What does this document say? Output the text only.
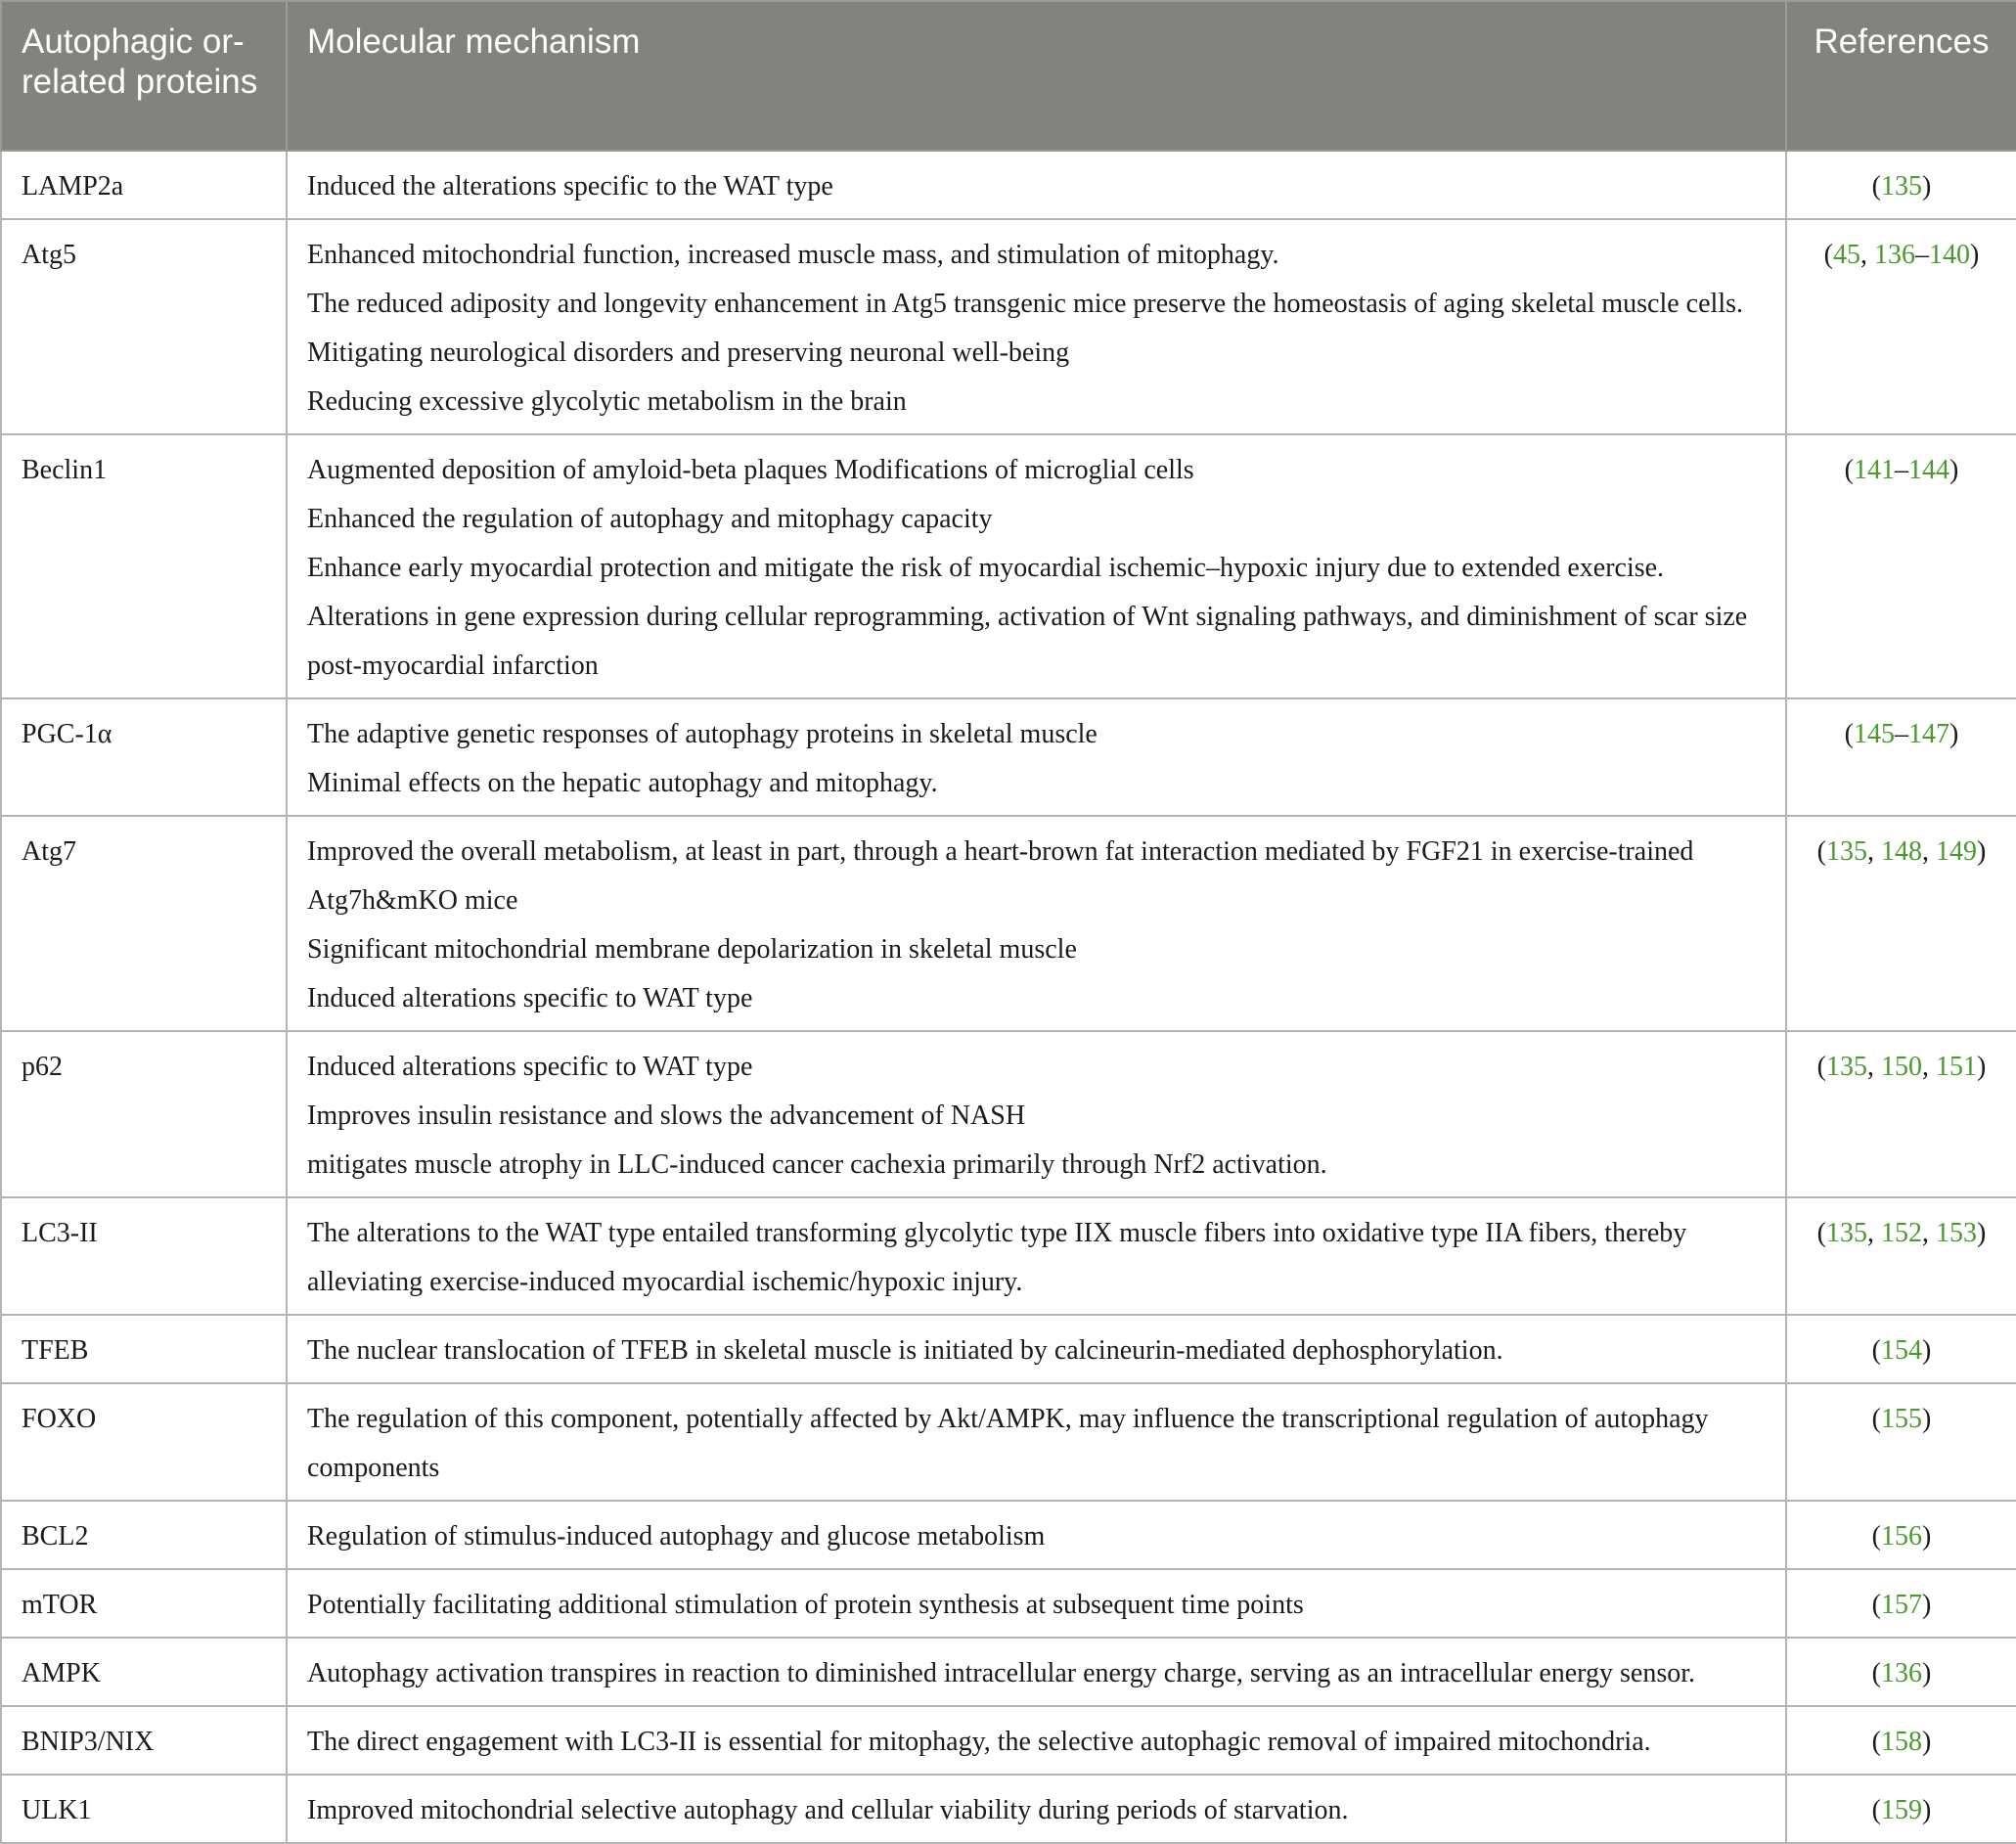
Autophagic or-related proteins	Molecular mechanism	References
LAMP2a	Induced the alterations specific to the WAT type	(135)
Atg5	Enhanced mitochondrial function, increased muscle mass, and stimulation of mitophagy.
The reduced adiposity and longevity enhancement in Atg5 transgenic mice preserve the homeostasis of aging skeletal muscle cells.
Mitigating neurological disorders and preserving neuronal well-being
Reducing excessive glycolytic metabolism in the brain	(45, 136–140)
Beclin1	Augmented deposition of amyloid-beta plaques Modifications of microglial cells
Enhanced the regulation of autophagy and mitophagy capacity
Enhance early myocardial protection and mitigate the risk of myocardial ischemic–hypoxic injury due to extended exercise.
Alterations in gene expression during cellular reprogramming, activation of Wnt signaling pathways, and diminishment of scar size post-myocardial infarction	(141–144)
PGC-1α	The adaptive genetic responses of autophagy proteins in skeletal muscle
Minimal effects on the hepatic autophagy and mitophagy.	(145–147)
Atg7	Improved the overall metabolism, at least in part, through a heart-brown fat interaction mediated by FGF21 in exercise-trained Atg7h&mKO mice
Significant mitochondrial membrane depolarization in skeletal muscle
Induced alterations specific to WAT type	(135, 148, 149)
p62	Induced alterations specific to WAT type
Improves insulin resistance and slows the advancement of NASH
mitigates muscle atrophy in LLC-induced cancer cachexia primarily through Nrf2 activation.	(135, 150, 151)
LC3-II	The alterations to the WAT type entailed transforming glycolytic type IIX muscle fibers into oxidative type IIA fibers, thereby alleviating exercise-induced myocardial ischemic/hypoxic injury.	(135, 152, 153)
TFEB	The nuclear translocation of TFEB in skeletal muscle is initiated by calcineurin-mediated dephosphorylation.	(154)
FOXO	The regulation of this component, potentially affected by Akt/AMPK, may influence the transcriptional regulation of autophagy components	(155)
BCL2	Regulation of stimulus-induced autophagy and glucose metabolism	(156)
mTOR	Potentially facilitating additional stimulation of protein synthesis at subsequent time points	(157)
AMPK	Autophagy activation transpires in reaction to diminished intracellular energy charge, serving as an intracellular energy sensor.	(136)
BNIP3/NIX	The direct engagement with LC3-II is essential for mitophagy, the selective autophagic removal of impaired mitochondria.	(158)
ULK1	Improved mitochondrial selective autophagy and cellular viability during periods of starvation.	(159)
